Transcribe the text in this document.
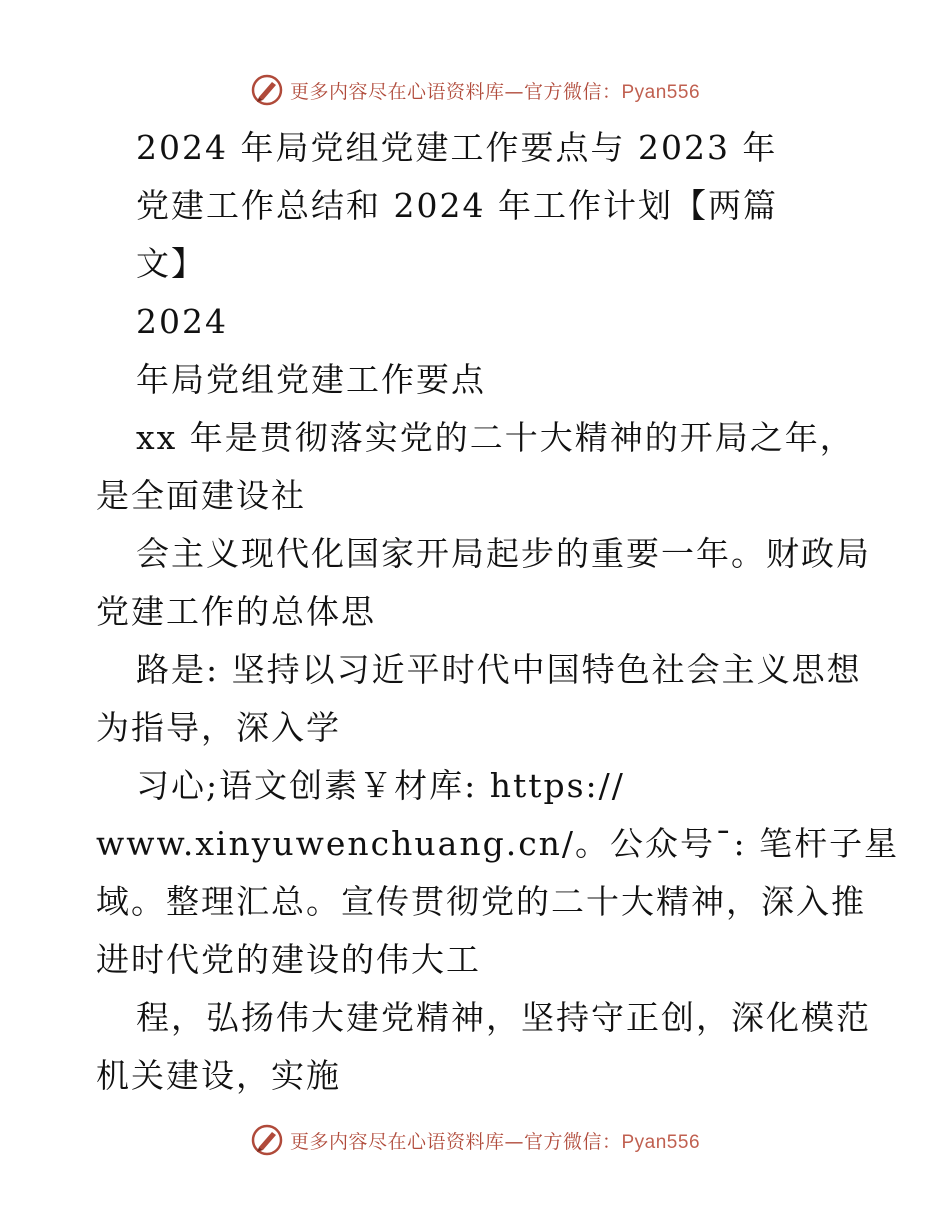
更多内容尽在心语资料库—官方微信：Pyan556
2024 年局党组党建工作要点与 2023 年
党建工作总结和 2024 年工作计划【两篇
文】
2024
年局党组党建工作要点
xx 年是贯彻落实党的二十大精神的开局之年，
是全面建设社
会主义现代化国家开局起步的重要一年。财政局
党建工作的总体思
路是: 坚持以习近平时代中国特色社会主义思想
为指导，深入学
习心;语文创素￥材库: https://
www.xinyuwenchuang.cn/。公众号¯: 笔杆子星
域。整理汇总。宣传贯彻党的二十大精神，深入推
进时代党的建设的伟大工
程，弘扬伟大建党精神，坚持守正创，深化模范
机关建设，实施
更多内容尽在心语资料库—官方微信：Pyan556
